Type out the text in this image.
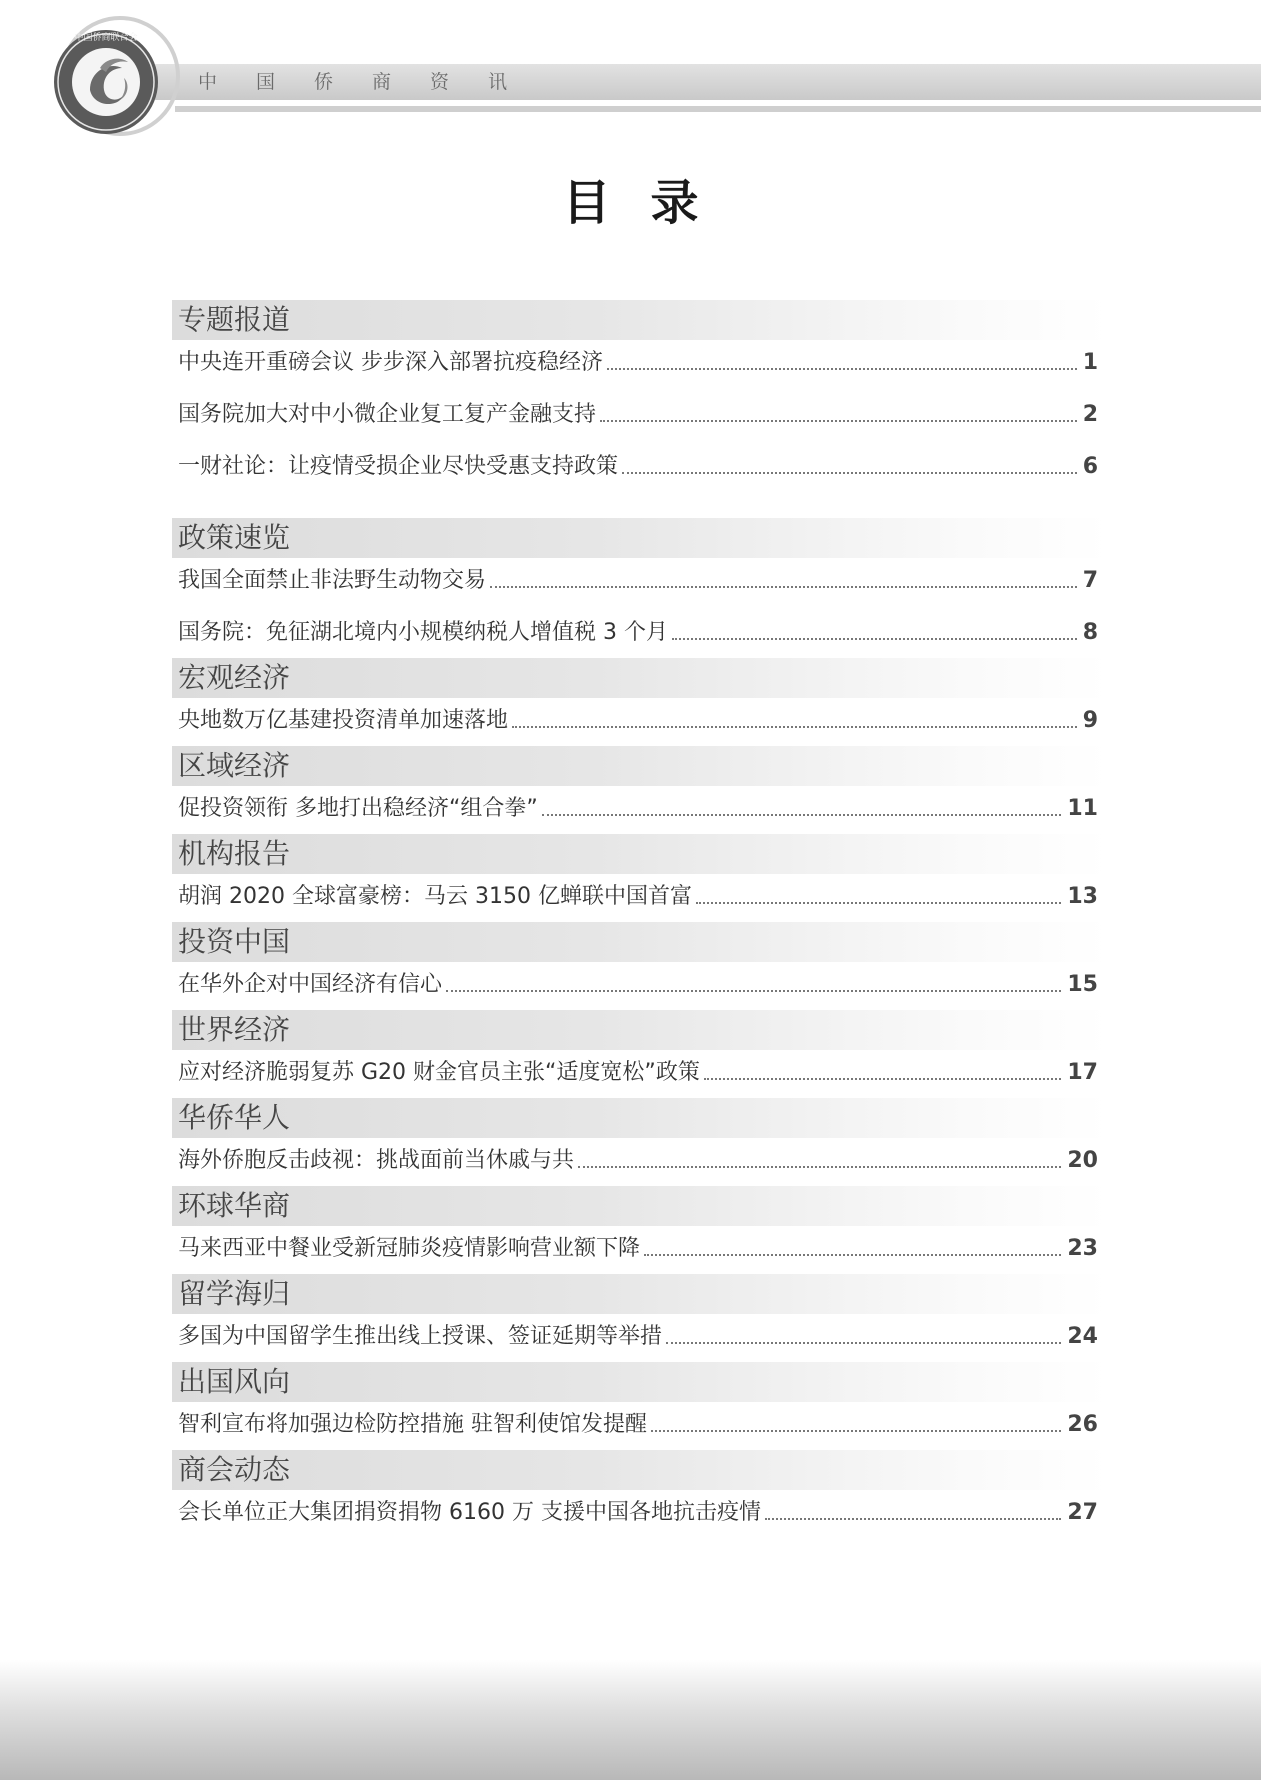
中国侨商资讯
中国侨商联合会
目录
专题报道
中央连开重磅会议 步步深入部署抗疫稳经济	1
国务院加大对中小微企业复工复产金融支持	2
一财社论：让疫情受损企业尽快受惠支持政策	6
政策速览
我国全面禁止非法野生动物交易	7
国务院：免征湖北境内小规模纳税人增值税 3 个月	8
宏观经济
央地数万亿基建投资清单加速落地	9
区域经济
促投资领衔 多地打出稳经济“组合拳”	11
机构报告
胡润 2020 全球富豪榜：马云 3150 亿蝉联中国首富	13
投资中国
在华外企对中国经济有信心	15
世界经济
应对经济脆弱复苏 G20 财金官员主张“适度宽松”政策	17
华侨华人
海外侨胞反击歧视：挑战面前当休戚与共	20
环球华商
马来西亚中餐业受新冠肺炎疫情影响营业额下降	23
留学海归
多国为中国留学生推出线上授课、签证延期等举措	24
出国风向
智利宣布将加强边检防控措施 驻智利使馆发提醒	26
商会动态
会长单位正大集团捐资捐物 6160 万 支援中国各地抗击疫情	27
